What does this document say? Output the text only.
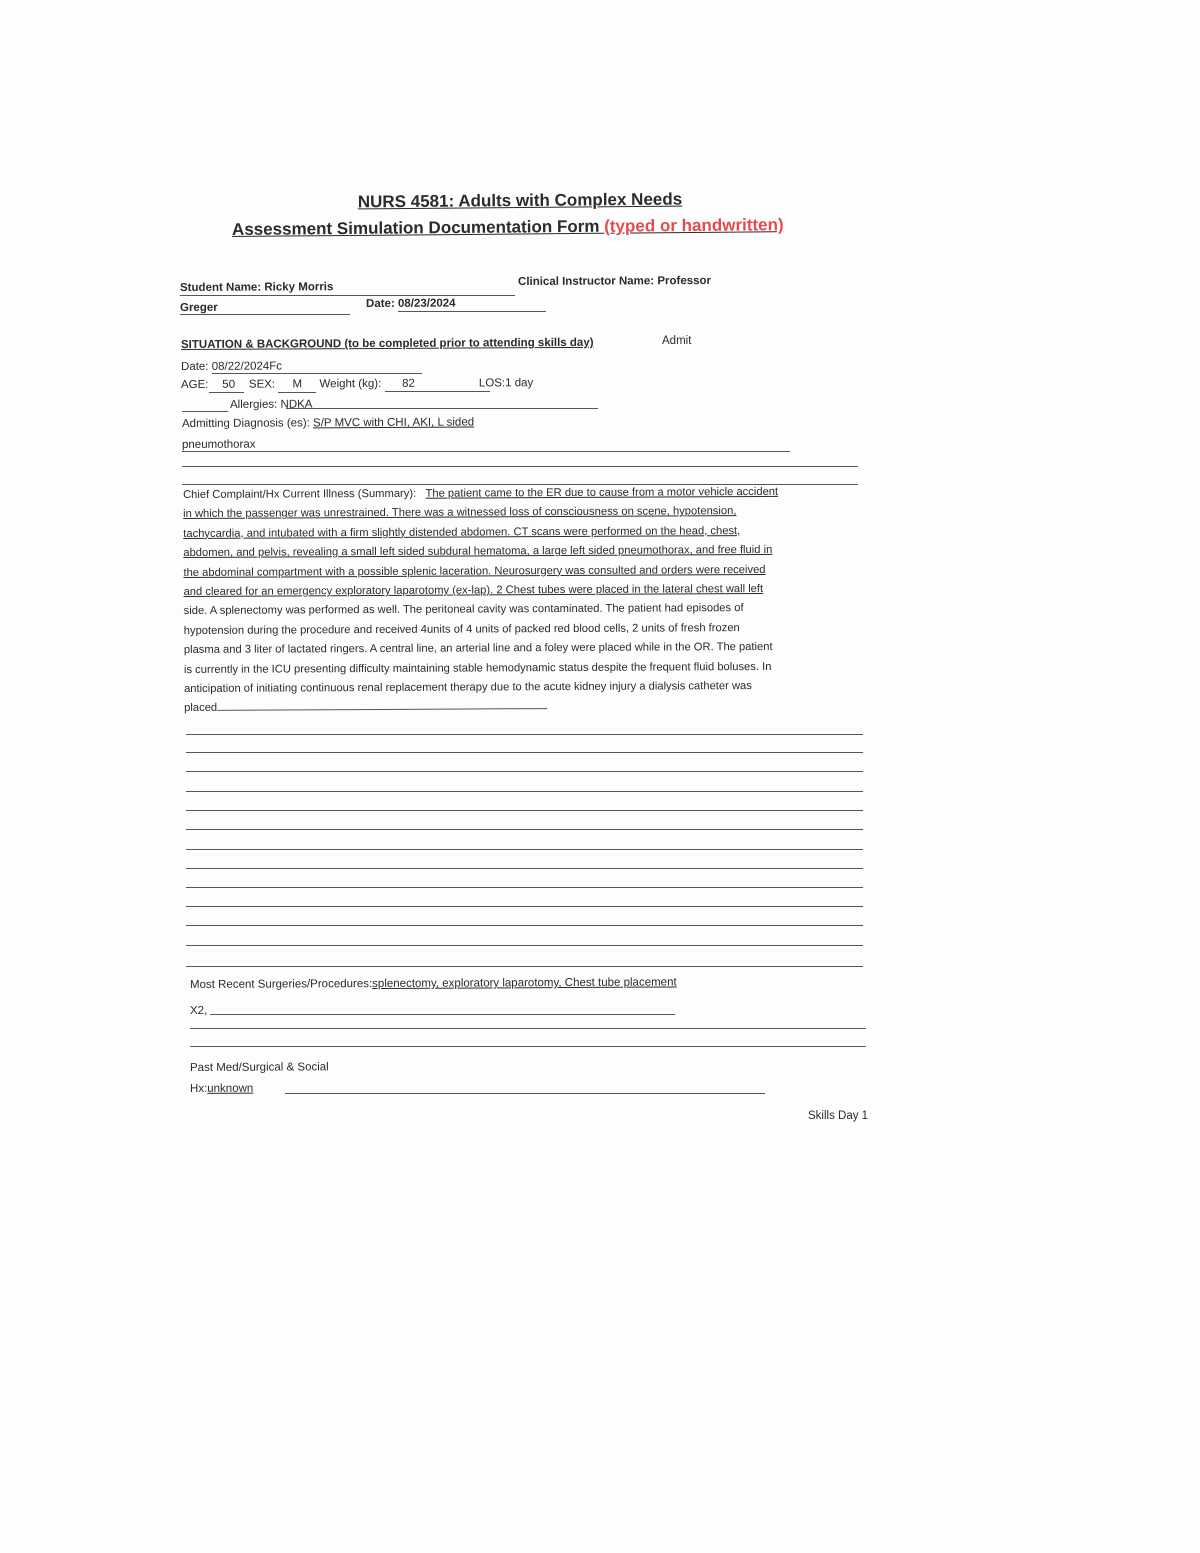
NURS 4581: Adults with Complex Needs
Assessment Simulation Documentation Form (typed or handwritten)
Student Name: Ricky Morris	Clinical Instructor Name: Professor
Greger	Date: 08/23/2024
SITUATION & BACKGROUND (to be completed prior to attending skills day)	Admit
Date: 08/22/2024Fc
AGE: 50 SEX: M Weight (kg): 82	LOS:1 day
Allergies: NDKA
Admitting Diagnosis (es): S/P MVC with CHI, AKI, L sided
pneumothorax
Chief Complaint/Hx Current Illness (Summary): The patient came to the ER due to cause from a motor vehicle accident
in which the passenger was unrestrained. There was a witnessed loss of consciousness on scene, hypotension,
tachycardia, and intubated with a firm slightly distended abdomen. CT scans were performed on the head, chest,
abdomen, and pelvis, revealing a small left sided subdural hematoma, a large left sided pneumothorax, and free fluid in
the abdominal compartment with a possible splenic laceration. Neurosurgery was consulted and orders were received
and cleared for an emergency exploratory laparotomy (ex-lap). 2 Chest tubes were placed in the lateral chest wall left
side. A splenectomy was performed as well. The peritoneal cavity was contaminated. The patient had episodes of
hypotension during the procedure and received 4units of 4 units of packed red blood cells, 2 units of fresh frozen
plasma and 3 liter of lactated ringers. A central line, an arterial line and a foley were placed while in the OR. The patient
is currently in the ICU presenting difficulty maintaining stable hemodynamic status despite the frequent fluid boluses. In
anticipation of initiating continuous renal replacement therapy due to the acute kidney injury a dialysis catheter was
placed
Most Recent Surgeries/Procedures:splenectomy, exploratory laparotomy, Chest tube placement
X2,
Past Med/Surgical & Social
Hx:unknown
Skills Day 1
